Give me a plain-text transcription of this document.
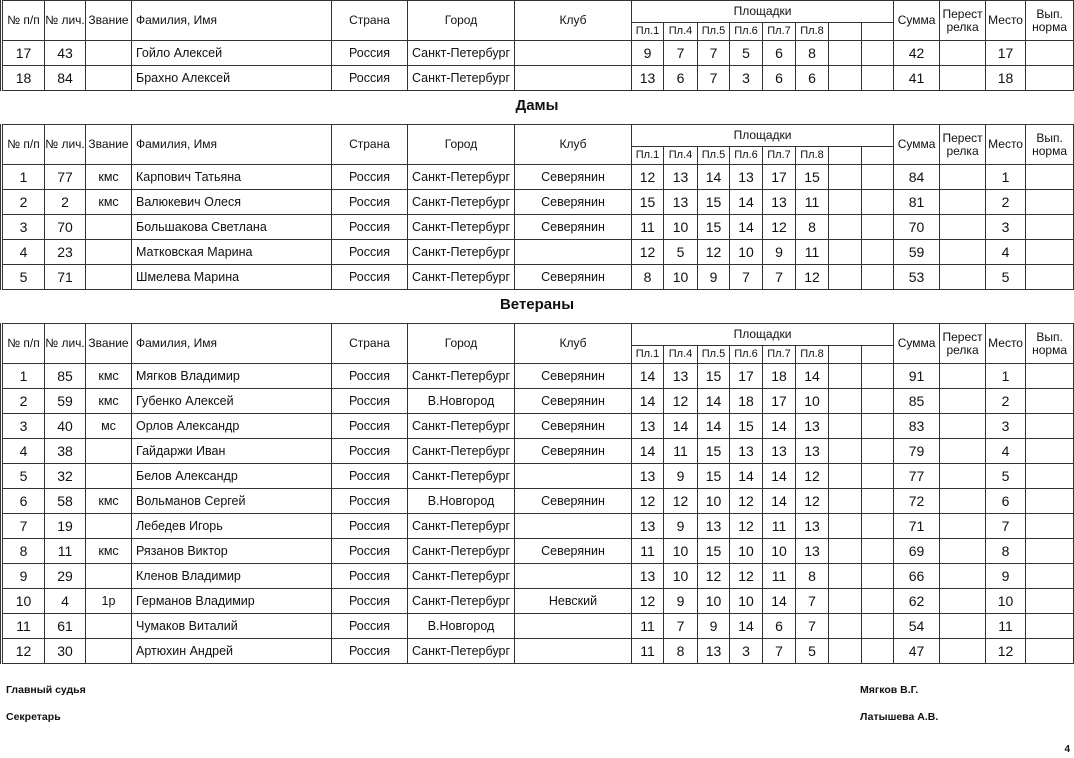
Дамы
Ветераны
№ п/п	№ лич.	Звание	Фамилия, Имя	Страна	Город	Клуб	Площадки								Сумма	Перест релка	Место	Вып. норма
							Пл.1	Пл.4	Пл.5	Пл.6	Пл.7	Пл.8						
17	43		Гойло Алексей	Россия	Санкт-Петербург		9	7	7	5	6	8			42		17	
18	84		Брахно Алексей	Россия	Санкт-Петербург		13	6	7	3	6	6			41		18	
№ п/п	№ лич.	Звание	Фамилия, Имя	Страна	Город	Клуб	Площадки								Сумма	Перест релка	Место	Вып. норма
							Пл.1	Пл.4	Пл.5	Пл.6	Пл.7	Пл.8						
1	77	кмс	Карпович Татьяна	Россия	Санкт-Петербург	Северянин	12	13	14	13	17	15			84		1	
2	2	кмс	Валюкевич Олеся	Россия	Санкт-Петербург	Северянин	15	13	15	14	13	11			81		2	
3	70		Большакова Светлана	Россия	Санкт-Петербург	Северянин	11	10	15	14	12	8			70		3	
4	23		Матковская Марина	Россия	Санкт-Петербург		12	5	12	10	9	11			59		4	
5	71		Шмелева Марина	Россия	Санкт-Петербург	Северянин	8	10	9	7	7	12			53		5	
№ п/п	№ лич.	Звание	Фамилия, Имя	Страна	Город	Клуб	Площадки								Сумма	Перест релка	Место	Вып. норма
							Пл.1	Пл.4	Пл.5	Пл.6	Пл.7	Пл.8						
1	85	кмс	Мягков Владимир	Россия	Санкт-Петербург	Северянин	14	13	15	17	18	14			91		1	
2	59	кмс	Губенко Алексей	Россия	В.Новгород	Северянин	14	12	14	18	17	10			85		2	
3	40	мс	Орлов Александр	Россия	Санкт-Петербург	Северянин	13	14	14	15	14	13			83		3	
4	38		Гайдаржи Иван	Россия	Санкт-Петербург	Северянин	14	11	15	13	13	13			79		4	
5	32		Белов Александр	Россия	Санкт-Петербург		13	9	15	14	14	12			77		5	
6	58	кмс	Вольманов Сергей	Россия	В.Новгород	Северянин	12	12	10	12	14	12			72		6	
7	19		Лебедев Игорь	Россия	Санкт-Петербург		13	9	13	12	11	13			71		7	
8	11	кмс	Рязанов Виктор	Россия	Санкт-Петербург	Северянин	11	10	15	10	10	13			69		8	
9	29		Кленов Владимир	Россия	Санкт-Петербург		13	10	12	12	11	8			66		9	
10	4	1р	Германов Владимир	Россия	Санкт-Петербург	Невский	12	9	10	10	14	7			62		10	
11	61		Чумаков Виталий	Россия	В.Новгород		11	7	9	14	6	7			54		11	
12	30		Артюхин Андрей	Россия	Санкт-Петербург		11	8	13	3	7	5			47		12	
Главный судья	Мягков В.Г.
Секретарь	Латышева А.В.
4
